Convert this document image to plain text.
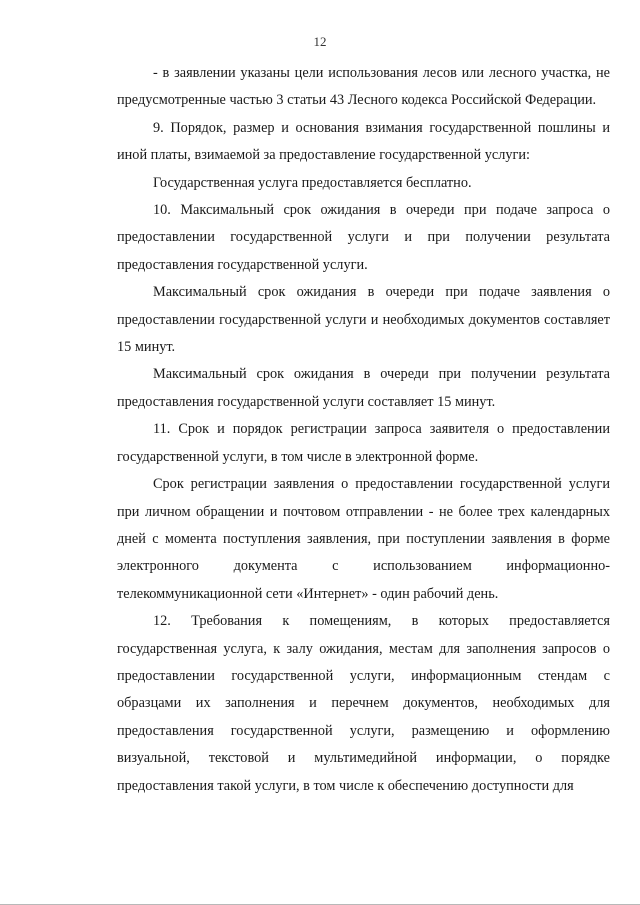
12

- в заявлении указаны цели использования лесов или лесного участка, не предусмотренные частью 3 статьи 43 Лесного кодекса Российской Федерации.

9. Порядок, размер и основания взимания государственной пошлины и иной платы, взимаемой за предоставление государственной услуги:

Государственная услуга предоставляется бесплатно.

10. Максимальный срок ожидания в очереди при подаче запроса о предоставлении государственной услуги и при получении результата предоставления государственной услуги.

Максимальный срок ожидания в очереди при подаче заявления о предоставлении государственной услуги и необходимых документов составляет 15 минут.

Максимальный срок ожидания в очереди при получении результата предоставления государственной услуги составляет 15 минут.

11. Срок и порядок регистрации запроса заявителя о предоставлении государственной услуги, в том числе в электронной форме.

Срок регистрации заявления о предоставлении государственной услуги при личном обращении и почтовом отправлении - не более трех календарных дней с момента поступления заявления, при поступлении заявления в форме электронного документа с использованием информационно-телекоммуникационной сети «Интернет» - один рабочий день.

12. Требования к помещениям, в которых предоставляется государственная услуга, к залу ожидания, местам для заполнения запросов о предоставлении государственной услуги, информационным стендам с образцами их заполнения и перечнем документов, необходимых для предоставления государственной услуги, размещению и оформлению визуальной, текстовой и мультимедийной информации, о порядке предоставления такой услуги, в том числе к обеспечению доступности для
